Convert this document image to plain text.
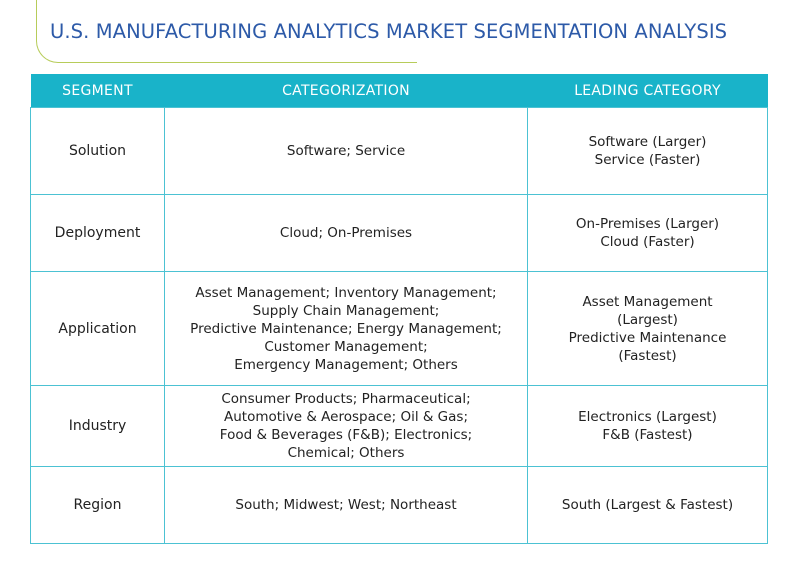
U.S. MANUFACTURING ANALYTICS MARKET SEGMENTATION ANALYSIS
SEGMENT	CATEGORIZATION	LEADING CATEGORY
Solution	Software; Service	Software (Larger)
Service (Faster)

Deployment	Cloud; On-Premises	On-Premises (Larger)
Cloud (Faster)

Application	Asset Management; Inventory Management;
Supply Chain Management;
Predictive Maintenance; Energy Management;
Customer Management;
Emergency Management; Others	Asset Management
(Largest)
Predictive Maintenance
(Fastest)

Industry	Consumer Products; Pharmaceutical;
Automotive & Aerospace; Oil & Gas;
Food & Beverages (F&B); Electronics;
Chemical; Others	Electronics (Largest)
F&B (Fastest)

Region	South; Midwest; West; Northeast	South (Largest & Fastest)
